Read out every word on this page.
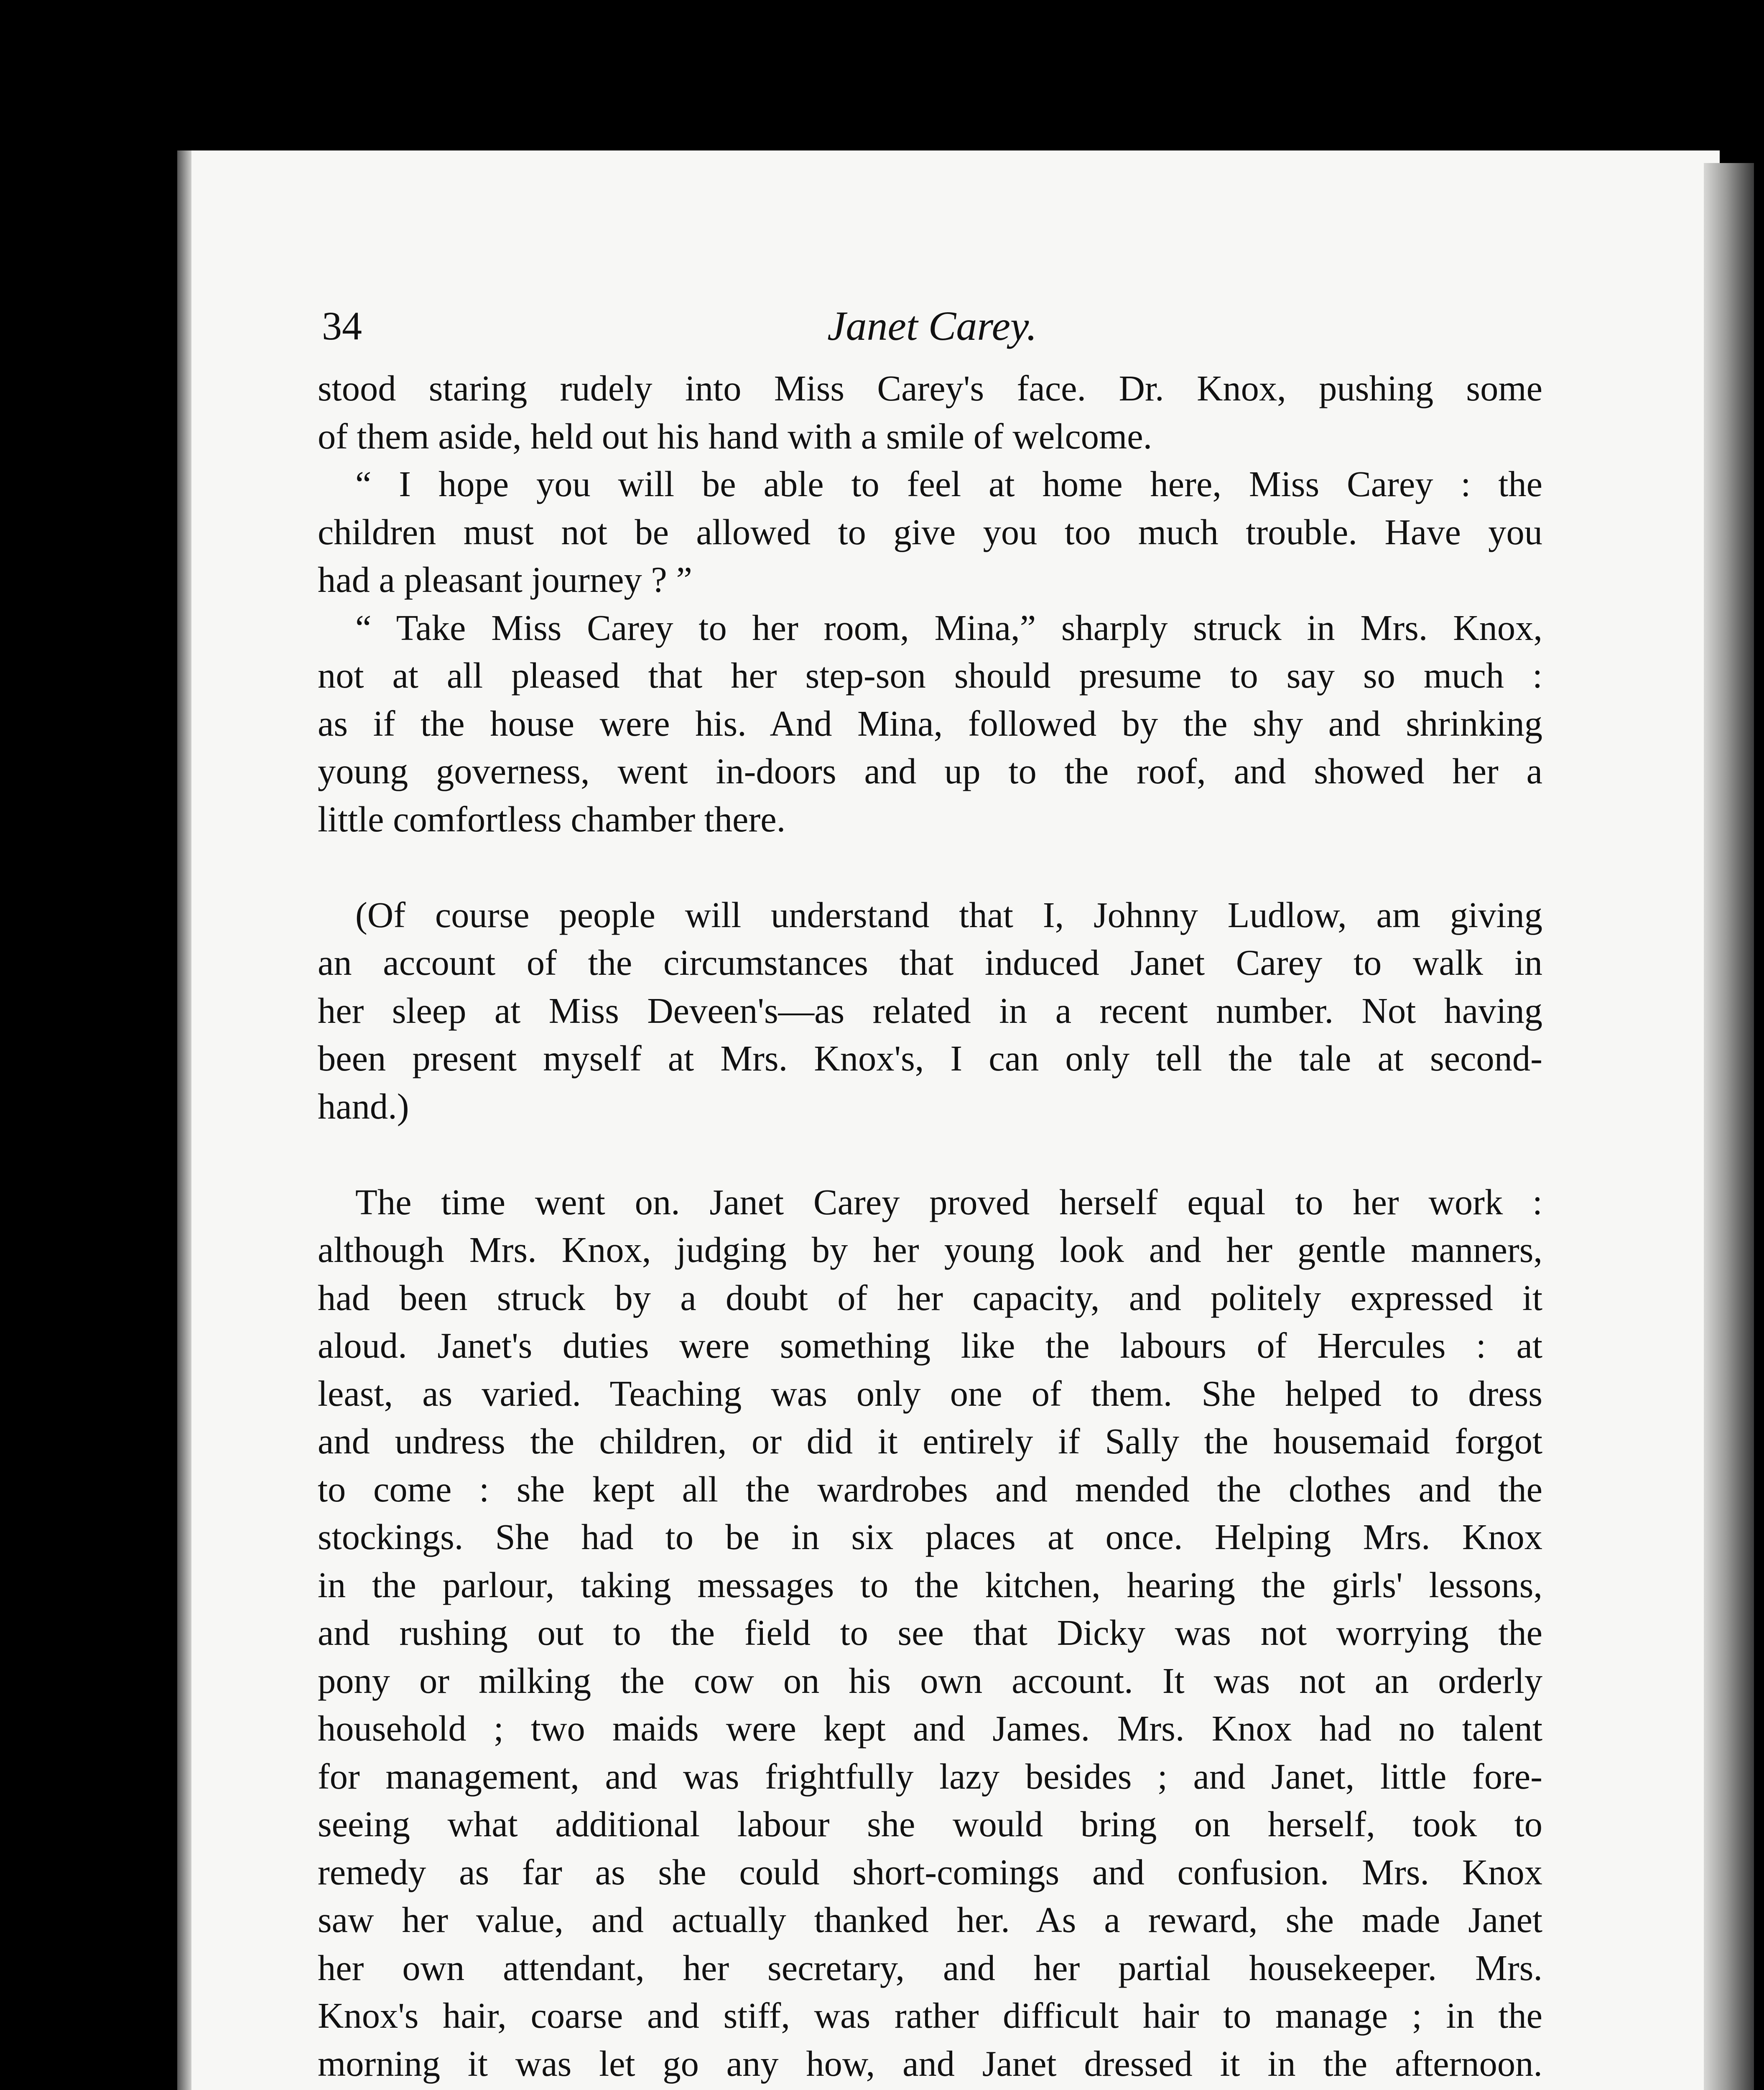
34	Janet Carey.

stood staring rudely into Miss Carey's face. Dr. Knox, pushing some

of them aside, held out his hand with a smile of welcome.

“ I hope you will be able to feel at home here, Miss Carey : the

children must not be allowed to give you too much trouble. Have you

had a pleasant journey ? ”

“ Take Miss Carey to her room, Mina,” sharply struck in Mrs. Knox,

not at all pleased that her step-son should presume to say so much :

as if the house were his. And Mina, followed by the shy and shrinking

young governess, went in-doors and up to the roof, and showed her a

little comfortless chamber there.

(Of course people will understand that I, Johnny Ludlow, am giving

an account of the circumstances that induced Janet Carey to walk in

her sleep at Miss Deveen's—as related in a recent number. Not having

been present myself at Mrs. Knox's, I can only tell the tale at second-

hand.)

The time went on. Janet Carey proved herself equal to her work :

although Mrs. Knox, judging by her young look and her gentle manners,

had been struck by a doubt of her capacity, and politely expressed it

aloud. Janet's duties were something like the labours of Hercules : at

least, as varied. Teaching was only one of them. She helped to dress

and undress the children, or did it entirely if Sally the housemaid forgot

to come : she kept all the wardrobes and mended the clothes and the

stockings. She had to be in six places at once. Helping Mrs. Knox

in the parlour, taking messages to the kitchen, hearing the girls' lessons,

and rushing out to the field to see that Dicky was not worrying the

pony or milking the cow on his own account. It was not an orderly

household ; two maids were kept and James. Mrs. Knox had no talent

for management, and was frightfully lazy besides ; and Janet, little fore-

seeing what additional labour she would bring on herself, took to

remedy as far as she could short-comings and confusion. Mrs. Knox

saw her value, and actually thanked her. As a reward, she made Janet

her own attendant, her secretary, and her partial housekeeper. Mrs.

Knox's hair, coarse and stiff, was rather difficult hair to manage ; in the

morning it was let go any how, and Janet dressed it in the afternoon.
